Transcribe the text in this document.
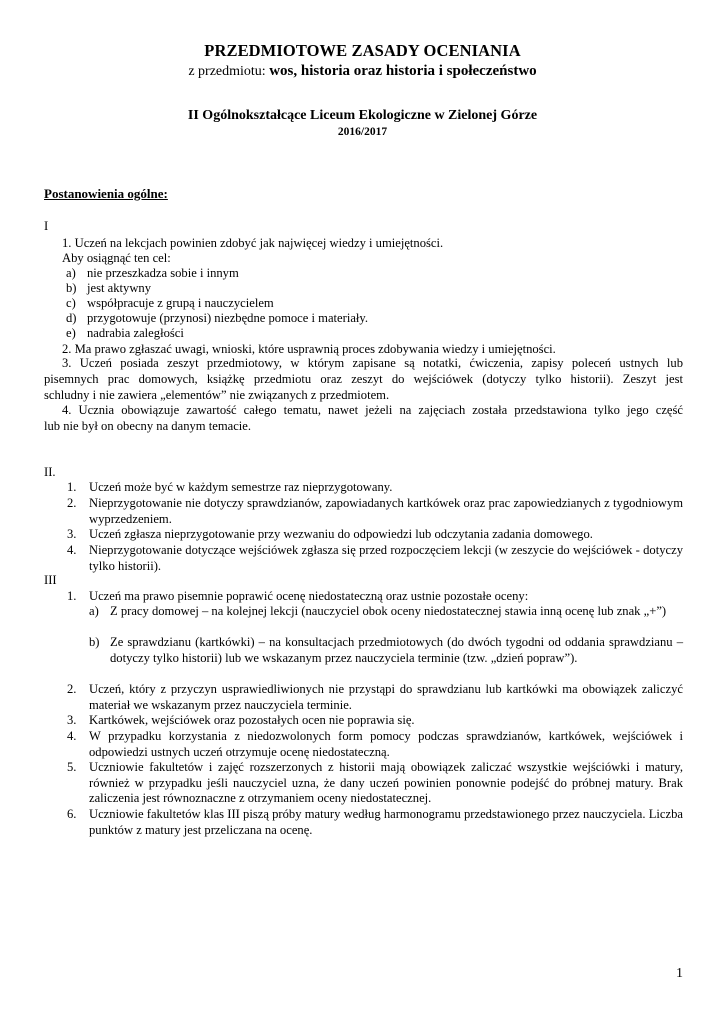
PRZEDMIOTOWE ZASADY OCENIANIA
z przedmiotu: wos, historia oraz historia i społeczeństwo
II Ogólnokształcące Liceum Ekologiczne w Zielonej Górze
2016/2017
Postanowienia ogólne:
I
1. Uczeń na lekcjach powinien zdobyć jak najwięcej wiedzy i umiejętności.
Aby osiągnąć ten cel:
a) nie przeszkadza sobie i innym
b) jest aktywny
c) współpracuje z grupą i nauczycielem
d) przygotowuje (przynosi) niezbędne pomoce i materiały.
e) nadrabia zaległości
2. Ma prawo zgłaszać uwagi, wnioski, które usprawnią proces zdobywania wiedzy i umiejętności.
3. Uczeń posiada zeszyt przedmiotowy, w którym zapisane są notatki, ćwiczenia, zapisy poleceń ustnych lub
pisemnych prac domowych, książkę przedmiotu oraz zeszyt do wejściówek (dotyczy tylko historii). Zeszyt jest
schludny i nie zawiera „elementów” nie związanych z przedmiotem.
4. Ucznia obowiązuje zawartość całego tematu, nawet jeżeli na zajęciach została przedstawiona tylko jego część
lub nie był on obecny na danym temacie.
II.
1. Uczeń może być w każdym semestrze raz nieprzygotowany.
2. Nieprzygotowanie nie dotyczy sprawdzianów, zapowiadanych kartkówek oraz prac zapowiedzianych z tygodniowym wyprzedzeniem.
3. Uczeń zgłasza nieprzygotowanie przy wezwaniu do odpowiedzi lub odczytania zadania domowego.
4. Nieprzygotowanie dotyczące wejściówek zgłasza się przed rozpoczęciem lekcji (w zeszycie do wejściówek - dotyczy tylko historii).
III
1. Uczeń ma prawo pisemnie poprawić ocenę niedostateczną oraz ustnie pozostałe oceny:
a) Z pracy domowej – na kolejnej lekcji (nauczyciel obok oceny niedostatecznej stawia inną ocenę lub znak „+”)
b) Ze sprawdzianu (kartkówki) – na konsultacjach przedmiotowych (do dwóch tygodni od oddania sprawdzianu – dotyczy tylko historii) lub we wskazanym przez nauczyciela terminie (tzw. „dzień popraw”).
2. Uczeń, który z przyczyn usprawiedliwionych nie przystąpi do sprawdzianu lub kartkówki ma obowiązek zaliczyć materiał we wskazanym przez nauczyciela terminie.
3. Kartkówek, wejściówek oraz pozostałych ocen nie poprawia się.
4. W przypadku korzystania z niedozwolonych form pomocy podczas sprawdzianów, kartkówek, wejściówek i odpowiedzi ustnych uczeń otrzymuje ocenę niedostateczną.
5. Uczniowie fakultetów i zajęć rozszerzonych z historii mają obowiązek zaliczać wszystkie wejściówki i matury, również w przypadku jeśli nauczyciel uzna, że dany uczeń powinien ponownie podejść do próbnej matury. Brak zaliczenia jest równoznaczne z otrzymaniem oceny niedostatecznej.
6. Uczniowie fakultetów klas III piszą próby matury według harmonogramu przedstawionego przez nauczyciela. Liczba punktów z matury jest przeliczana na ocenę.
1
